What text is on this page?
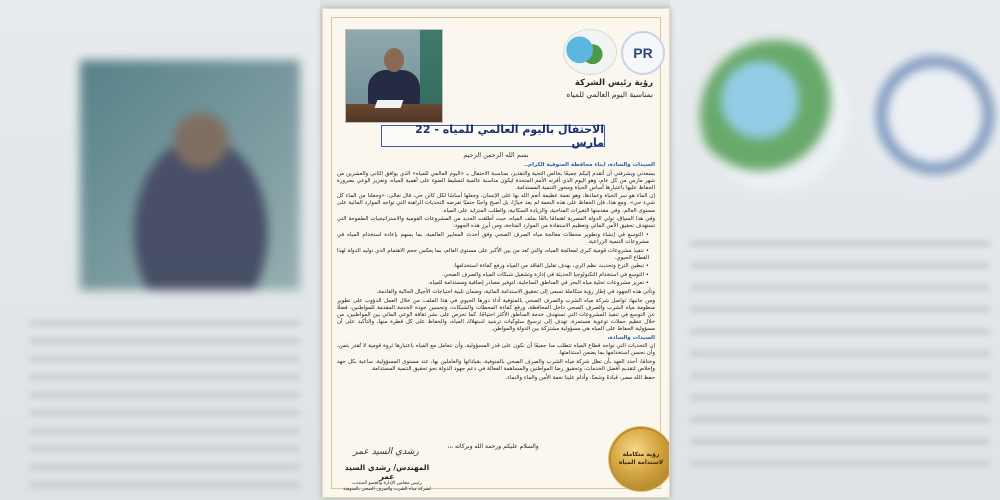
PR
رؤية رئيس الشركة
بمناسبة اليوم العالمي للمياه
الاحتفال باليوم العالمي للمياه - 22 مارس
بسم الله الرحمن الرحيم

السيدات والسادة، أبناء محافظة المنوفية الكرام..

يسعدني ويشرفني أن أتقدم إليكم جميعًا بخالص التحية والتقدير، بمناسبة الاحتفال بـ «اليوم العالمي للمياه» الذي يوافق الثاني والعشرين من شهر مارس من كل عام، وهو اليوم الذي أقرته الأمم المتحدة ليكون مناسبة عالمية لتسليط الضوء على أهمية المياه، وتعزيز الوعي بضرورة الحفاظ عليها باعتبارها أساس الحياة ومحور التنمية المستدامة.

إن الماء هو سر الحياة وعمادها، وهو نعمة عظيمة أنعم الله بها على الإنسان، وجعلها أساسًا لكل كائن حي، قال تعالى: «وجعلنا من الماء كل شيء حي». ومع هذا، فإن الحفاظ على هذه النعمة لم يعد خيارًا، بل أصبح واجبًا حتميًا تفرضه التحديات الراهنة التي تواجه الموارد المائية على مستوى العالم، وفي مقدمتها التغيرات المناخية، والزيادة السكانية، والطلب المتزايد على المياه.

وفي هذا السياق، تولي الدولة المصرية اهتمامًا بالغًا بملف المياه، حيث أطلقت العديد من المشروعات القومية والاستراتيجيات الطموحة التي تستهدف تحقيق الأمن المائي وتعظيم الاستفادة من الموارد المتاحة، ومن أبرز هذه الجهود:

• التوسع في إنشاء وتطوير محطات معالجة مياه الصرف الصحي وفق أحدث المعايير العالمية، بما يسهم بإعادة استخدام المياه في مشروعات التنمية الزراعية.

• تنفيذ مشروعات قومية كبرى لمعالجة المياه، والتي تُعد من بين الأكبر على مستوى العالم، بما يعكس حجم الاهتمام الذي توليه الدولة لهذا القطاع الحيوي.

• تبطين الترع وتحديث نظم الري، بهدف تقليل الفاقد من المياه ورفع كفاءة استخدامها.

• التوسع في استخدام التكنولوجيا الحديثة في إدارة وتشغيل شبكات المياه والصرف الصحي.

• تعزيز مشروعات تحلية مياه البحر في المناطق الساحلية، لتوفير مصادر إضافية ومستدامة للمياه.

وتأتي هذه الجهود في إطار رؤية متكاملة تسعى إلى تحقيق الاستدامة المائية، وضمان تلبية احتياجات الأجيال الحالية والقادمة.

ومن جانبها، تواصل شركة مياه الشرب والصرف الصحي بالمنوفية أداء دورها الحيوي في هذا الملف، من خلال العمل الدؤوب على تطوير منظومة مياه الشرب والصرف الصحي داخل المحافظة، ورفع كفاءة المحطات والشبكات، وتحسين جودة الخدمة المقدمة للمواطنين، فضلًا عن التوسع في تنفيذ المشروعات التي تستهدف خدمة المناطق الأكثر احتياجًا. كما تحرص على نشر ثقافة الوعي المائي بين المواطنين، من خلال تنظيم حملات توعوية مستمرة، تهدف إلى ترسيخ سلوكيات ترشيد استهلاك المياه، والحفاظ على كل قطرة منها، والتأكيد على أن مسؤولية الحفاظ على المياه هي مسؤولية مشتركة بين الدولة والمواطن.

السيدات والسادة،

إن التحديات التي تواجه قطاع المياه تتطلب منا جميعًا أن نكون على قدر المسؤولية، وأن نتعامل مع المياه باعتبارها ثروة قومية لا تُقدر بثمن، وأن نحسن استخدامها بما يضمن استدامتها.

وختامًا، أجدد العهد بأن تظل شركة مياه الشرب والصرف الصحي بالمنوفية، بقياداتها والعاملين بها، عند مستوى المسؤولية، ساعية بكل جهد وإخلاص لتقديم أفضل الخدمات، وتحقيق رضا المواطنين والمساهمة الفعالة في دعم جهود الدولة نحو تحقيق التنمية المستدامة.

حفظ الله مصر، قيادةً وشعبًا، وأدام علينا نعمة الأمن والماء والنماء.

والسلام عليكم ورحمة الله وبركاته ،،،
رشدي السيد عمر
المهندس/ رشدي السيد عمر
رئيس مجلس الإدارة والعضو المنتدب
لشركة مياه الشرب والصرف الصحي بالمنوفية
رؤية متكاملة
لاستدامة المياه
